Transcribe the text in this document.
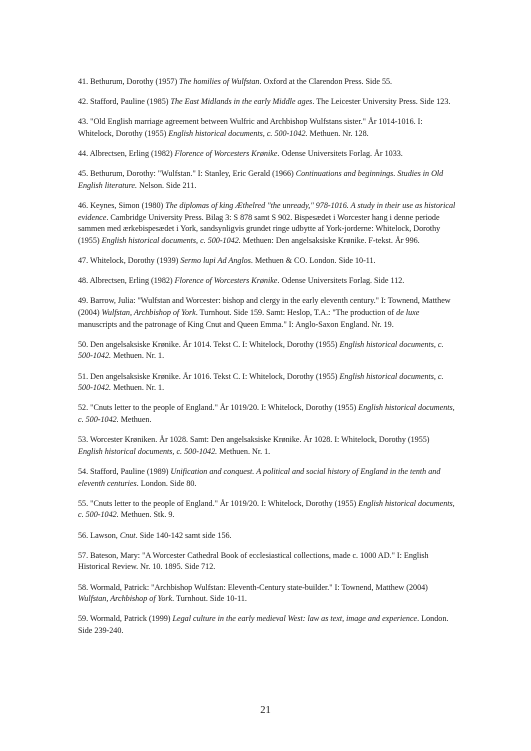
41. Bethurum, Dorothy (1957) The homilies of Wulfstan. Oxford at the Clarendon Press. Side 55.

42. Stafford, Pauline (1985) The East Midlands in the early Middle ages. The Leicester University Press. Side 123.

43. "Old English marriage agreement between Wulfric and Archbishop Wulfstans sister." År 1014-1016. I: Whitelock, Dorothy (1955) English historical documents, c. 500-1042. Methuen. Nr. 128.

44. Albrectsen, Erling (1982) Florence of Worcesters Krønike. Odense Universitets Forlag. År 1033.

45. Bethurum, Dorothy: "Wulfstan." I: Stanley, Eric Gerald (1966) Continuations and beginnings. Studies in Old English literature. Nelson. Side 211.

46. Keynes, Simon (1980) The diplomas of king Æthelred "the unready," 978-1016. A study in their use as historical evidence. Cambridge University Press. Bilag 3: S 878 samt S 902. Bispesædet i Worcester hang i denne periode sammen med ærkebispesædet i York, sandsynligvis grundet ringe udbytte af York-jorderne: Whitelock, Dorothy (1955) English historical documents, c. 500-1042. Methuen: Den angelsaksiske Krønike. F-tekst. År 996.

47. Whitelock, Dorothy (1939) Sermo lupi Ad Anglos. Methuen & CO. London. Side 10-11.

48. Albrectsen, Erling (1982) Florence of Worcesters Krønike. Odense Universitets Forlag. Side 112.

49. Barrow, Julia: "Wulfstan and Worcester: bishop and clergy in the early eleventh century." I: Townend, Matthew (2004) Wulfstan, Archbishop of York. Turnhout. Side 159. Samt: Heslop, T.A.: "The production of de luxe manuscripts and the patronage of King Cnut and Queen Emma." I: Anglo-Saxon England. Nr. 19.

50. Den angelsaksiske Krønike. År 1014. Tekst C. I: Whitelock, Dorothy (1955) English historical documents, c. 500-1042. Methuen. Nr. 1.

51. Den angelsaksiske Krønike. År 1016. Tekst C. I: Whitelock, Dorothy (1955) English historical documents, c. 500-1042. Methuen. Nr. 1.

52. "Cnuts letter to the people of England." År 1019/20. I: Whitelock, Dorothy (1955) English historical documents, c. 500-1042. Methuen.

53. Worcester Krøniken. År 1028. Samt: Den angelsaksiske Krønike. År 1028. I: Whitelock, Dorothy (1955) English historical documents, c. 500-1042. Methuen. Nr. 1.

54. Stafford, Pauline (1989) Unification and conquest. A political and social history of England in the tenth and eleventh centuries. London. Side 80.

55. "Cnuts letter to the people of England." År 1019/20. I: Whitelock, Dorothy (1955) English historical documents, c. 500-1042. Methuen. Stk. 9.

56. Lawson, Cnut. Side 140-142 samt side 156.

57. Bateson, Mary: "A Worcester Cathedral Book of ecclesiastical collections, made c. 1000 AD." I: English Historical Review. Nr. 10. 1895. Side 712.

58. Wormald, Patrick: "Archbishop Wulfstan: Eleventh-Century state-builder." I: Townend, Matthew (2004) Wulfstan, Archbishop of York. Turnhout. Side 10-11.

59. Wormald, Patrick (1999) Legal culture in the early medieval West: law as text, image and experience. London. Side 239-240.

21
